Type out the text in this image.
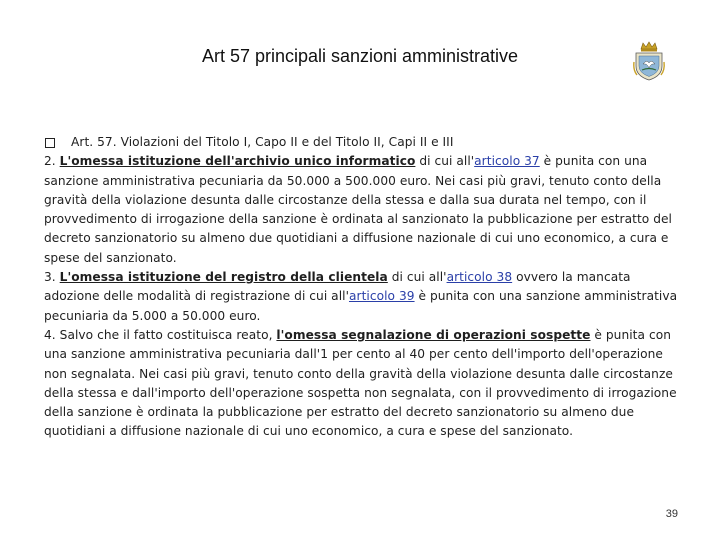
Art 57 principali sanzioni amministrative

Art. 57. Violazioni del Titolo I, Capo II e del Titolo II, Capi II e III

2. L'omessa istituzione dell'archivio unico informatico di cui all'articolo 37 è punita con una sanzione amministrativa pecuniaria da 50.000 a 500.000 euro. Nei casi più gravi, tenuto conto della gravità della violazione desunta dalle circostanze della stessa e dalla sua durata nel tempo, con il provvedimento di irrogazione della sanzione è ordinata al sanzionato la pubblicazione per estratto del decreto sanzionatorio su almeno due quotidiani a diffusione nazionale di cui uno economico, a cura e spese del sanzionato.

3. L'omessa istituzione del registro della clientela di cui all'articolo 38 ovvero la mancata adozione delle modalità di registrazione di cui all'articolo 39 è punita con una sanzione amministrativa pecuniaria da 5.000 a 50.000 euro.

4. Salvo che il fatto costituisca reato, l'omessa segnalazione di operazioni sospette è punita con una sanzione amministrativa pecuniaria dall'1 per cento al 40 per cento dell'importo dell'operazione non segnalata. Nei casi più gravi, tenuto conto della gravità della violazione desunta dalle circostanze della stessa e dall'importo dell'operazione sospetta non segnalata, con il provvedimento di irrogazione della sanzione è ordinata la pubblicazione per estratto del decreto sanzionatorio su almeno due quotidiani a diffusione nazionale di cui uno economico, a cura e spese del sanzionato.

39
